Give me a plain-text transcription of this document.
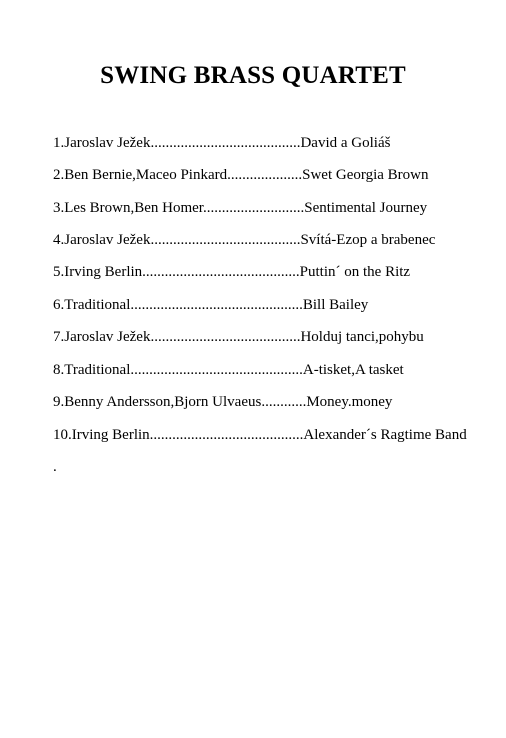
SWING BRASS QUARTET
1.Jaroslav Ježek........................................David a Goliáš
2.Ben Bernie,Maceo Pinkard....................Swet Georgia Brown
3.Les Brown,Ben Homer...........................Sentimental Journey
4.Jaroslav Ježek........................................Svítá-Ezop a brabenec
5.Irving Berlin..........................................Puttin´ on the Ritz
6.Traditional..............................................Bill Bailey
7.Jaroslav Ježek........................................Holduj tanci,pohybu
8.Traditional..............................................A-tisket,A tasket
9.Benny Andersson,Bjorn Ulvaeus............Money.money
10.Irving Berlin.........................................Alexander´s Ragtime Band
.
